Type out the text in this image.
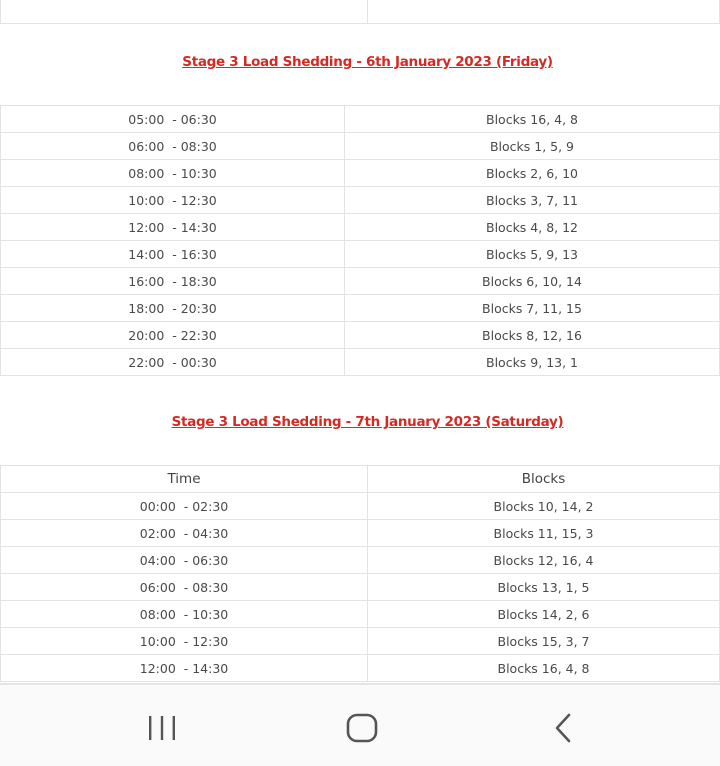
Stage 3 Load Shedding - 6th January 2023 (Friday)
05:00  - 06:30	Blocks 16, 4, 8
06:00  - 08:30	Blocks 1, 5, 9
08:00  - 10:30	Blocks 2, 6, 10
10:00  - 12:30	Blocks 3, 7, 11
12:00  - 14:30	Blocks 4, 8, 12
14:00  - 16:30	Blocks 5, 9, 13
16:00  - 18:30	Blocks 6, 10, 14
18:00  - 20:30	Blocks 7, 11, 15
20:00  - 22:30	Blocks 8, 12, 16
22:00  - 00:30	Blocks 9, 13, 1
Stage 3 Load Shedding - 7th January 2023 (Saturday)
Time	Blocks
00:00  - 02:30	Blocks 10, 14, 2
02:00  - 04:30	Blocks 11, 15, 3
04:00  - 06:30	Blocks 12, 16, 4
06:00  - 08:30	Blocks 13, 1, 5
08:00  - 10:30	Blocks 14, 2, 6
10:00  - 12:30	Blocks 15, 3, 7
12:00  - 14:30	Blocks 16, 4, 8
